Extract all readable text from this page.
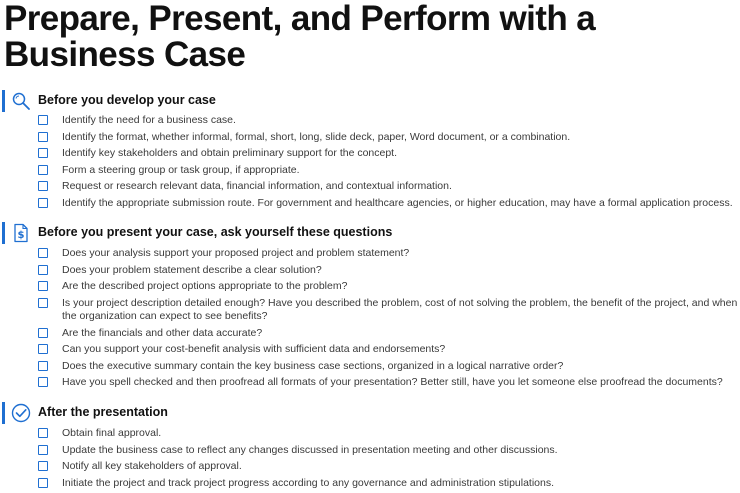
Prepare, Present, and Perform with a Business Case
Before you develop your case
Identify the need for a business case.
Identify the format, whether informal, formal, short, long, slide deck, paper, Word document, or a combination.
Identify key stakeholders and obtain preliminary support for the concept.
Form a steering group or task group, if appropriate.
Request or research relevant data, financial information, and contextual information.
Identify the appropriate submission route. For government and healthcare agencies, or higher education, may have a formal application process.
$ Before you present your case, ask yourself these questions
Does your analysis support your proposed project and problem statement?
Does your problem statement describe a clear solution?
Are the described project options appropriate to the problem?
Is your project description detailed enough? Have you described the problem, cost of not solving the problem, the benefit of the project, and when the organization can expect to see benefits?
Are the financials and other data accurate?
Can you support your cost-benefit analysis with sufficient data and endorsements?
Does the executive summary contain the key business case sections, organized in a logical narrative order?
Have you spell checked and then proofread all formats of your presentation? Better still, have you let someone else proofread the documents?
After the presentation
Obtain final approval.
Update the business case to reflect any changes discussed in presentation meeting and other discussions.
Notify all key stakeholders of approval.
Initiate the project and track project progress according to any governance and administration stipulations.
